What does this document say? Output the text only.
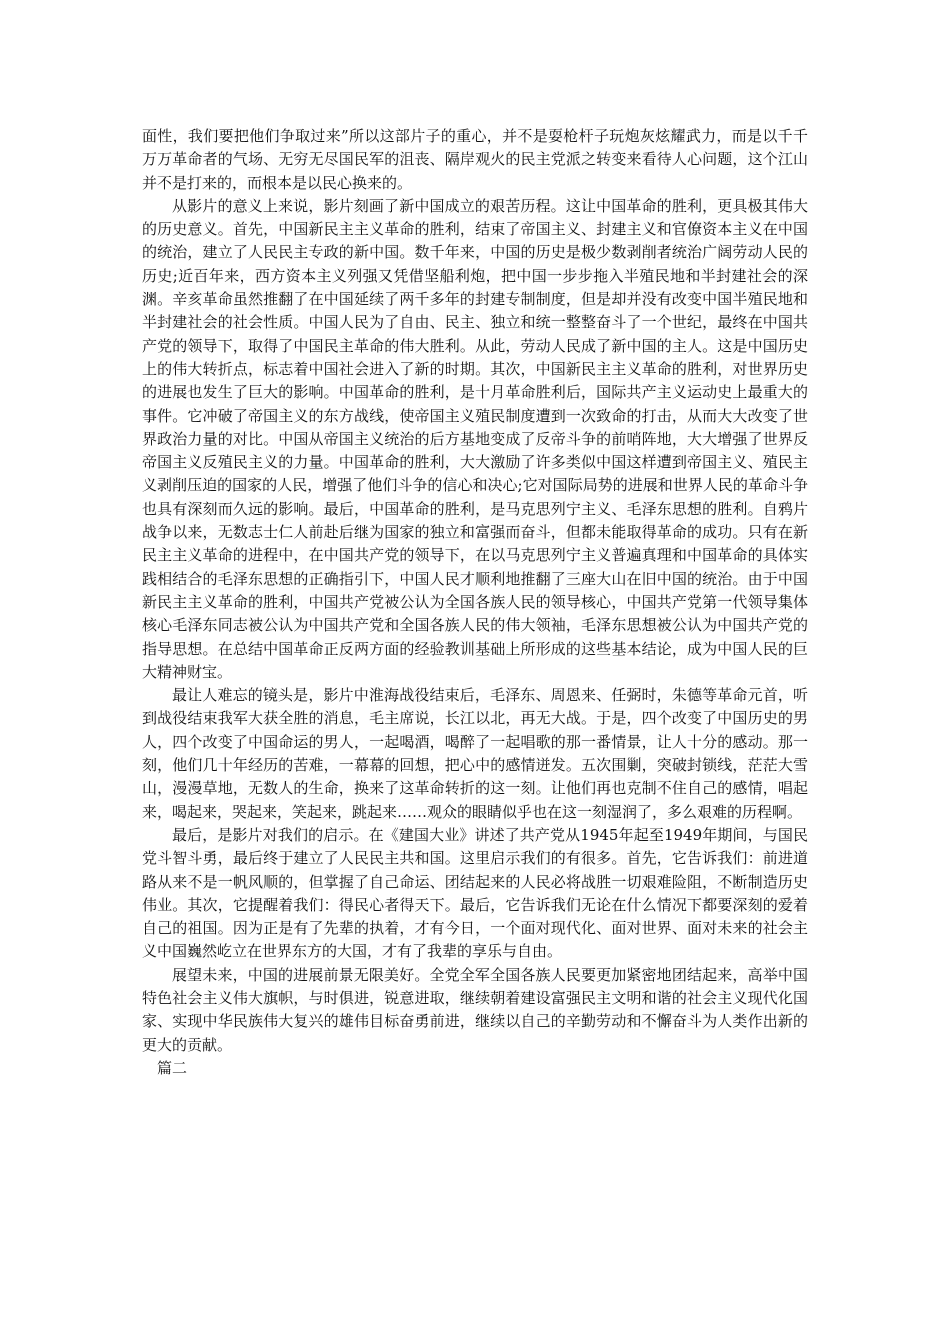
面性，我们要把他们争取过来”所以这部片子的重心，并不是耍枪杆子玩炮灰炫耀武力，而是以千千万万革命者的气场、无穷无尽国民军的沮丧、隔岸观火的民主党派之转变来看待人心问题，这个江山并不是打来的，而根本是以民心换来的。

从影片的意义上来说，影片刻画了新中国成立的艰苦历程。这让中国革命的胜利，更具极其伟大的历史意义。首先，中国新民主主义革命的胜利，结束了帝国主义、封建主义和官僚资本主义在中国的统治，建立了人民民主专政的新中国。数千年来，中国的历史是极少数剥削者统治广阔劳动人民的历史;近百年来，西方资本主义列强又凭借坚船利炮，把中国一步步拖入半殖民地和半封建社会的深渊。辛亥革命虽然推翻了在中国延续了两千多年的封建专制制度，但是却并没有改变中国半殖民地和半封建社会的社会性质。中国人民为了自由、民主、独立和统一整整奋斗了一个世纪，最终在中国共产党的领导下，取得了中国民主革命的伟大胜利。从此，劳动人民成了新中国的主人。这是中国历史上的伟大转折点，标志着中国社会进入了新的时期。其次，中国新民主主义革命的胜利，对世界历史的进展也发生了巨大的影响。中国革命的胜利，是十月革命胜利后，国际共产主义运动史上最重大的事件。它冲破了帝国主义的东方战线，使帝国主义殖民制度遭到一次致命的打击，从而大大改变了世界政治力量的对比。中国从帝国主义统治的后方基地变成了反帝斗争的前哨阵地，大大增强了世界反帝国主义反殖民主义的力量。中国革命的胜利，大大激励了许多类似中国这样遭到帝国主义、殖民主义剥削压迫的国家的人民，增强了他们斗争的信心和决心;它对国际局势的进展和世界人民的革命斗争也具有深刻而久远的影响。最后，中国革命的胜利，是马克思列宁主义、毛泽东思想的胜利。自鸦片战争以来，无数志士仁人前赴后继为国家的独立和富强而奋斗，但都未能取得革命的成功。只有在新民主主义革命的进程中，在中国共产党的领导下，在以马克思列宁主义普遍真理和中国革命的具体实践相结合的毛泽东思想的正确指引下，中国人民才顺利地推翻了三座大山在旧中国的统治。由于中国新民主主义革命的胜利，中国共产党被公认为全国各族人民的领导核心，中国共产党第一代领导集体核心毛泽东同志被公认为中国共产党和全国各族人民的伟大领袖，毛泽东思想被公认为中国共产党的指导思想。在总结中国革命正反两方面的经验教训基础上所形成的这些基本结论，成为中国人民的巨大精神财宝。

最让人难忘的镜头是，影片中淮海战役结束后，毛泽东、周恩来、任弼时，朱德等革命元首，听到战役结束我军大获全胜的消息，毛主席说，长江以北，再无大战。于是，四个改变了中国历史的男人，四个改变了中国命运的男人，一起喝酒，喝醉了一起唱歌的那一番情景，让人十分的感动。那一刻，他们几十年经历的苦难，一幕幕的回想，把心中的感情迸发。五次围剿，突破封锁线，茫茫大雪山，漫漫草地，无数人的生命，换来了这革命转折的这一刻。让他们再也克制不住自己的感情，唱起来，喝起来，哭起来，笑起来，跳起来……观众的眼睛似乎也在这一刻湿润了，多么艰难的历程啊。

最后，是影片对我们的启示。在《建国大业》讲述了共产党从1945年起至1949年期间，与国民党斗智斗勇，最后终于建立了人民民主共和国。这里启示我们的有很多。首先，它告诉我们：前进道路从来不是一帆风顺的，但掌握了自己命运、团结起来的人民必将战胜一切艰难险阻，不断制造历史伟业。其次，它提醒着我们：得民心者得天下。最后，它告诉我们无论在什么情况下都要深刻的爱着自己的祖国。因为正是有了先辈的执着，才有今日，一个面对现代化、面对世界、面对未来的社会主义中国巍然屹立在世界东方的大国，才有了我辈的享乐与自由。

展望未来，中国的进展前景无限美好。全党全军全国各族人民要更加紧密地团结起来，高举中国特色社会主义伟大旗帜，与时俱进，锐意进取，继续朝着建设富强民主文明和谐的社会主义现代化国家、实现中华民族伟大复兴的雄伟目标奋勇前进，继续以自己的辛勤劳动和不懈奋斗为人类作出新的更大的贡献。

篇二
